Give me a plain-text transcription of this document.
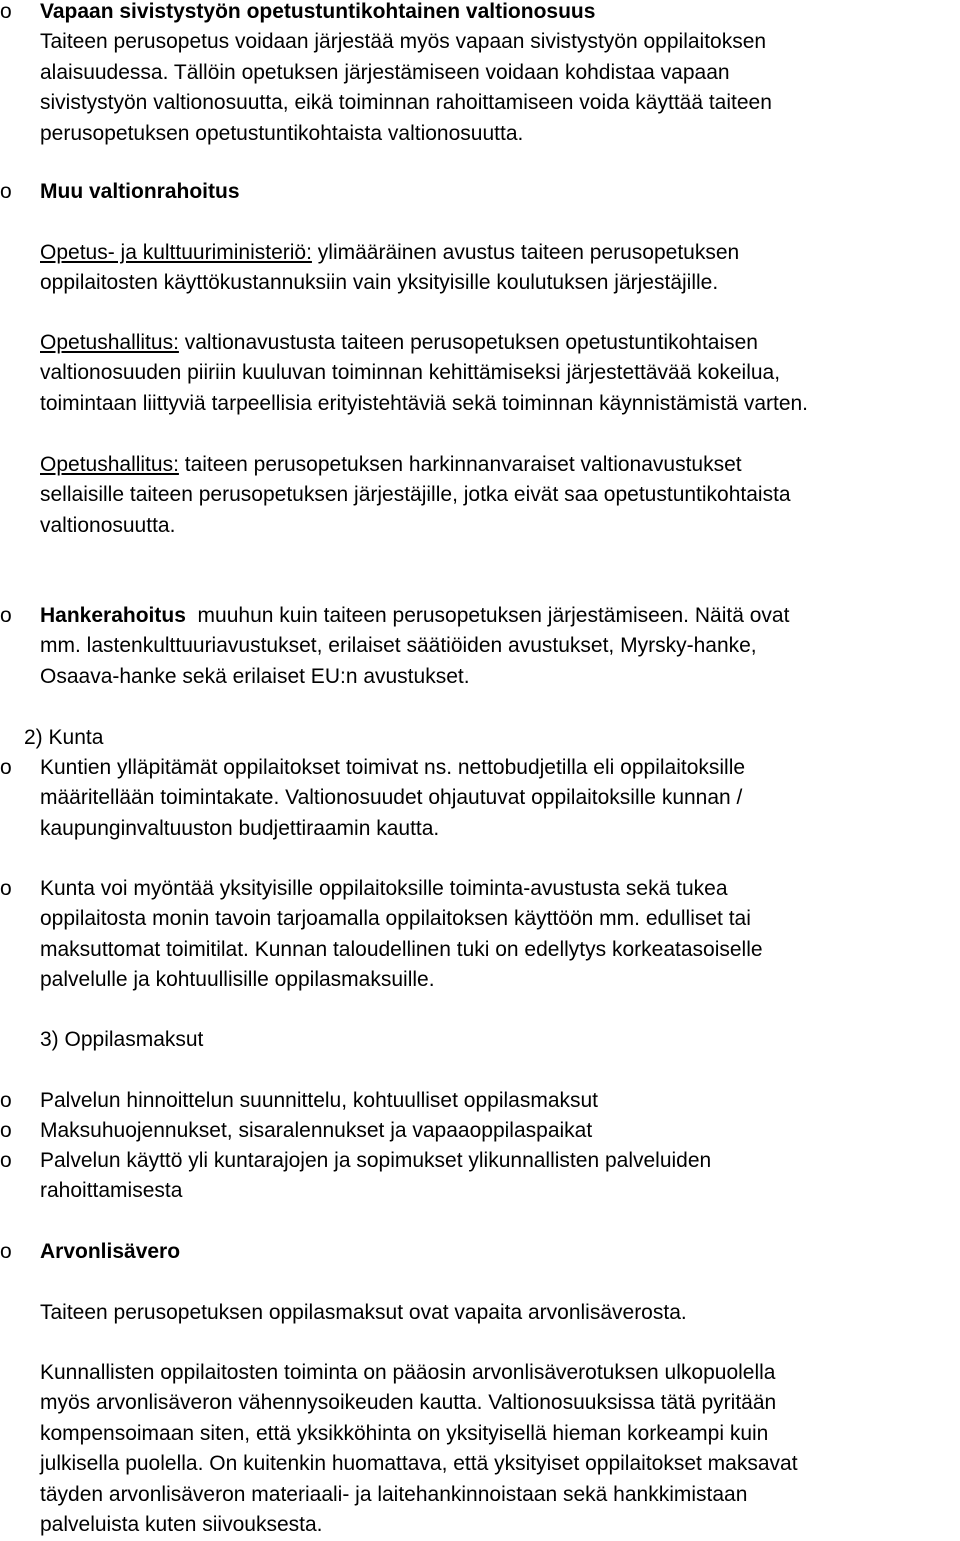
o Vapaan sivistystyön opetustuntikohtainen valtionosuus
Taiteen perusopetus voidaan järjestää myös vapaan sivistystyön oppilaitoksen
alaisuudessa. Tällöin opetuksen järjestämiseen voidaan kohdistaa vapaan
sivistystyön valtionosuutta, eikä toiminnan rahoittamiseen voida käyttää taiteen
perusopetuksen opetustuntikohtaista valtionosuutta.
o Muu valtionrahoitus
Opetus- ja kulttuuriministeriö: ylimääräinen avustus taiteen perusopetuksen
oppilaitosten käyttökustannuksiin vain yksityisille koulutuksen järjestäjille.
Opetushallitus: valtionavustusta taiteen perusopetuksen opetustuntikohtaisen
valtionosuuden piiriin kuuluvan toiminnan kehittämiseksi järjestettävää kokeilua,
toimintaan liittyviä tarpeellisia erityistehtäviä sekä toiminnan käynnistämistä varten.
Opetushallitus: taiteen perusopetuksen harkinnanvaraiset valtionavustukset
sellaisille taiteen perusopetuksen järjestäjille, jotka eivät saa opetustuntikohtaista
valtionosuutta.
o Hankerahoitus  muuhun kuin taiteen perusopetuksen järjestämiseen. Näitä ovat
mm. lastenkulttuuriavustukset, erilaiset säätiöiden avustukset, Myrsky-hanke,
Osaava-hanke sekä erilaiset EU:n avustukset.
2) Kunta
o Kuntien ylläpitämät oppilaitokset toimivat ns. nettobudjetilla eli oppilaitoksille
määritellään toimintakate. Valtionosuudet ohjautuvat oppilaitoksille kunnan /
kaupunginvaltuuston budjettiraamin kautta.
o Kunta voi myöntää yksityisille oppilaitoksille toiminta-avustusta sekä tukea
oppilaitosta monin tavoin tarjoamalla oppilaitoksen käyttöön mm. edulliset tai
maksuttomat toimitilat. Kunnan taloudellinen tuki on edellytys korkeatasoiselle
palvelulle ja kohtuullisille oppilasmaksuille.
3) Oppilasmaksut
o Palvelun hinnoittelun suunnittelu, kohtuulliset oppilasmaksut
o Maksuhuojennukset, sisaralennukset ja vapaaoppilaspaikat
o Palvelun käyttö yli kuntarajojen ja sopimukset ylikunnallisten palveluiden
rahoittamisesta
o Arvonlisävero
Taiteen perusopetuksen oppilasmaksut ovat vapaita arvonlisäverosta.
Kunnallisten oppilaitosten toiminta on pääosin arvonlisäverotuksen ulkopuolella
myös arvonlisäveron vähennysoikeuden kautta. Valtionosuuksissa tätä pyritään
kompensoimaan siten, että yksikköhinta on yksityisellä hieman korkeampi kuin
julkisella puolella. On kuitenkin huomattava, että yksityiset oppilaitokset maksavat
täyden arvonlisäveron materiaali- ja laitehankinnoistaan sekä hankkimistaan
palveluista kuten siivouksesta.
